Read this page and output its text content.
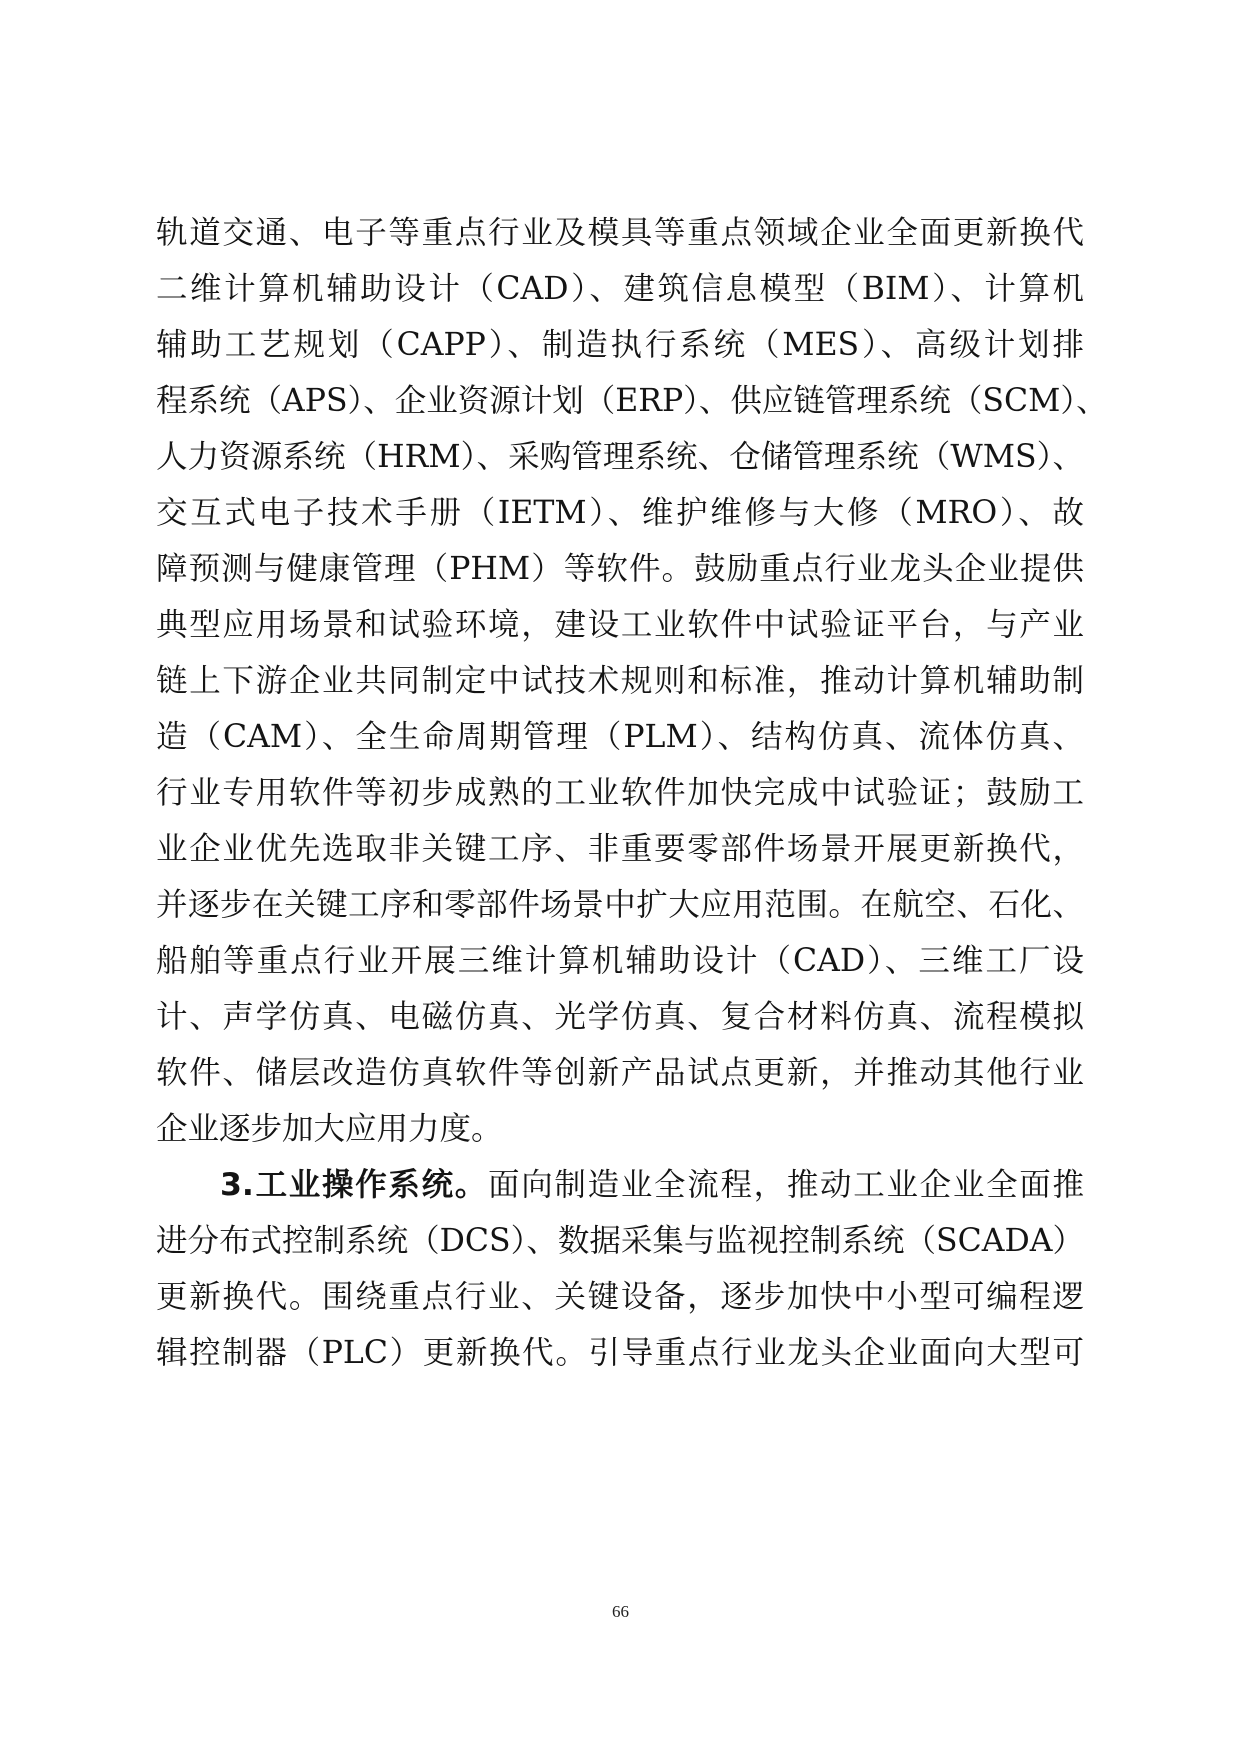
轨道交通、电子等重点行业及模具等重点领域企业全面更新换代
二维计算机辅助设计（CAD）、建筑信息模型（BIM）、计算机
辅助工艺规划（CAPP）、制造执行系统（MES）、高级计划排
程系统（APS）、企业资源计划（ERP）、供应链管理系统（SCM）、
人力资源系统（HRM）、采购管理系统、仓储管理系统（WMS）、
交互式电子技术手册（IETM）、维护维修与大修（MRO）、故
障预测与健康管理（PHM）等软件。鼓励重点行业龙头企业提供
典型应用场景和试验环境，建设工业软件中试验证平台，与产业
链上下游企业共同制定中试技术规则和标准，推动计算机辅助制
造（CAM）、全生命周期管理（PLM）、结构仿真、流体仿真、
行业专用软件等初步成熟的工业软件加快完成中试验证；鼓励工
业企业优先选取非关键工序、非重要零部件场景开展更新换代，
并逐步在关键工序和零部件场景中扩大应用范围。在航空、石化、
船舶等重点行业开展三维计算机辅助设计（CAD）、三维工厂设
计、声学仿真、电磁仿真、光学仿真、复合材料仿真、流程模拟
软件、储层改造仿真软件等创新产品试点更新，并推动其他行业
企业逐步加大应用力度。
3.工业操作系统。面向制造业全流程，推动工业企业全面推
进分布式控制系统（DCS）、数据采集与监视控制系统（SCADA）
更新换代。围绕重点行业、关键设备，逐步加快中小型可编程逻
辑控制器（PLC）更新换代。引导重点行业龙头企业面向大型可
66
